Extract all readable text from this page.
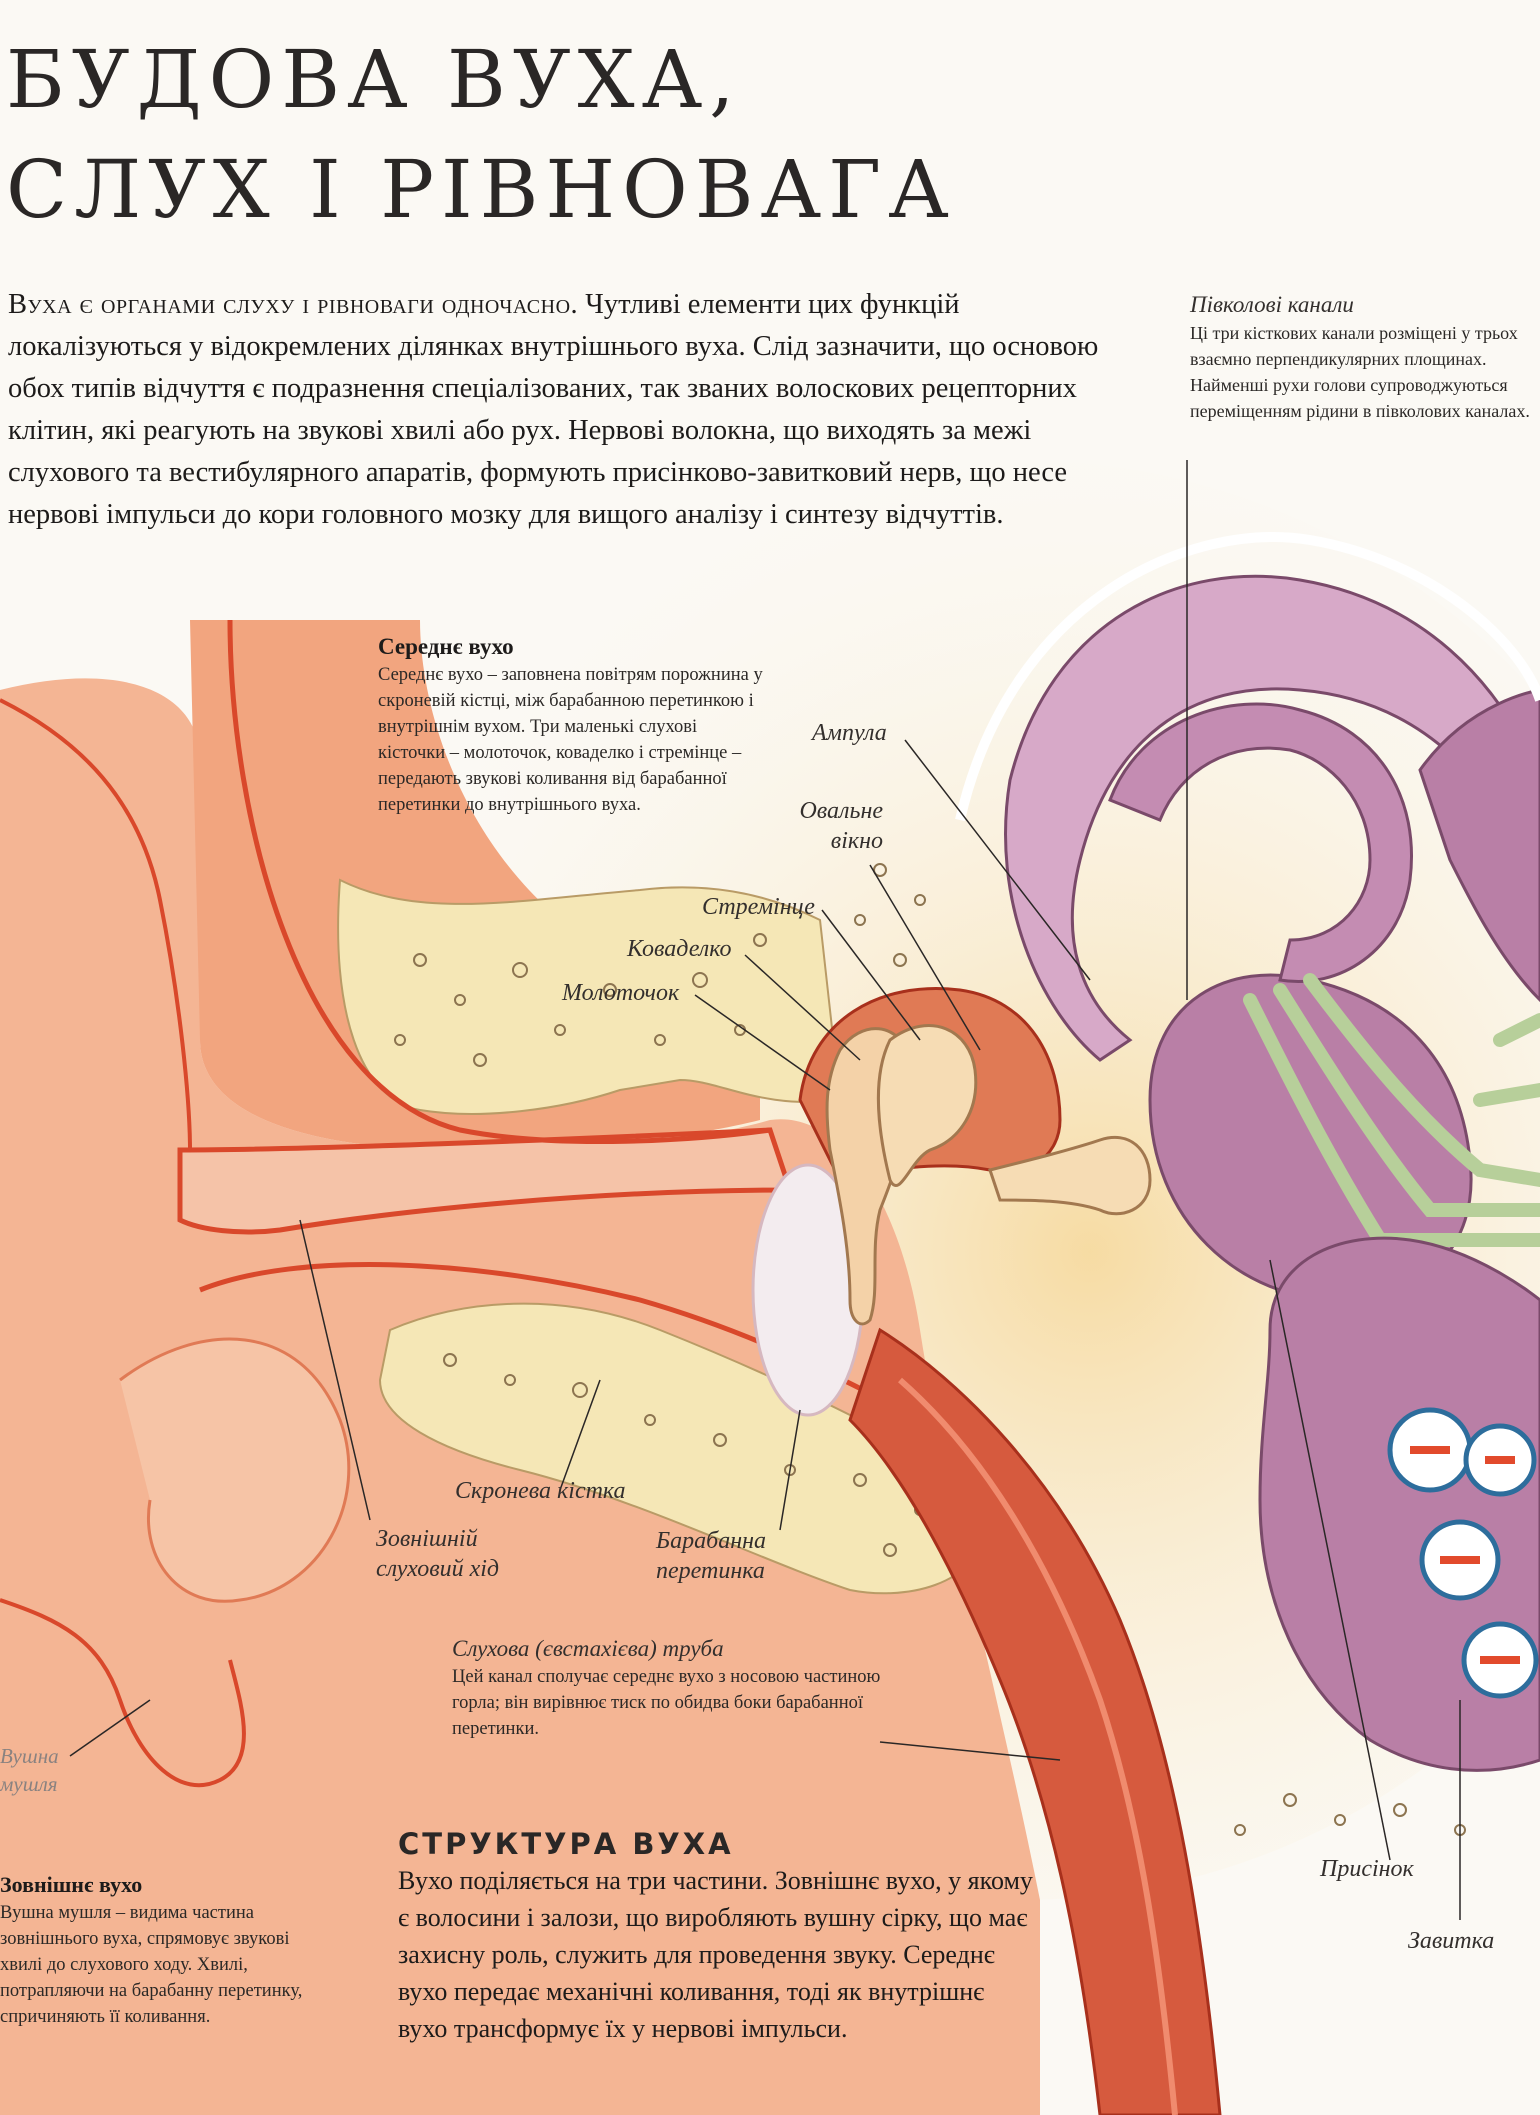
БУДОВА ВУХА,
СЛУХ І РІВНОВАГА
Вуха є органами слуху і рівноваги одночасно. Чутливі елементи цих функцій локалізуються у відокремлених ділянках внутрішнього вуха. Слід зазначити, що основою обох типів відчуття є подразнення спеціалізованих, так званих волоскових рецепторних клітин, які реагують на звукові хвилі або рух. Нервові волокна, що виходять за межі слухового та вестибулярного апаратів, формують присінково-завитковий нерв, що несе нервові імпульси до кори головного мозку для вищого аналізу і синтезу відчуттів.
Півколові канали
Ці три кісткових канали розміщені у трьох взаємно перпендикулярних площинах. Найменші рухи голови супроводжуються переміщенням рідини в півколових каналах.
Середнє вухо
Середнє вухо – заповнена повітрям порожнина у скроневій кістці, між барабанною перетинкою і внутрішнім вухом. Три маленькі слухові кісточки – молоточок, коваделко і стремінце – передають звукові коливання від барабанної перетинки до внутрішнього вуха.
Ампула
Овальне вікно
Стремінце
Коваделко
Молоточок
Скронева кістка
Зовнішній слуховий хід
Барабанна перетинка
Вушна мушля
Присінок
Завитка
Слухова (євстахієва) труба
Цей канал сполучає середнє вухо з носовою частиною горла; він вирівнює тиск по обидва боки барабанної перетинки.
Зовнішнє вухо
Вушна мушля – видима частина зовнішнього вуха, спрямовує звукові хвилі до слухового ходу. Хвилі, потрапляючи на барабанну перетинку, спричиняють її коливання.
СТРУКТУРА ВУХА
Вухо поділяється на три частини. Зовнішнє вухо, у якому є волосини і залози, що виробляють вушну сірку, що має захисну роль, служить для проведення звуку. Середнє вухо передає механічні коливання, тоді як внутрішнє вухо трансформує їх у нервові імпульси.
